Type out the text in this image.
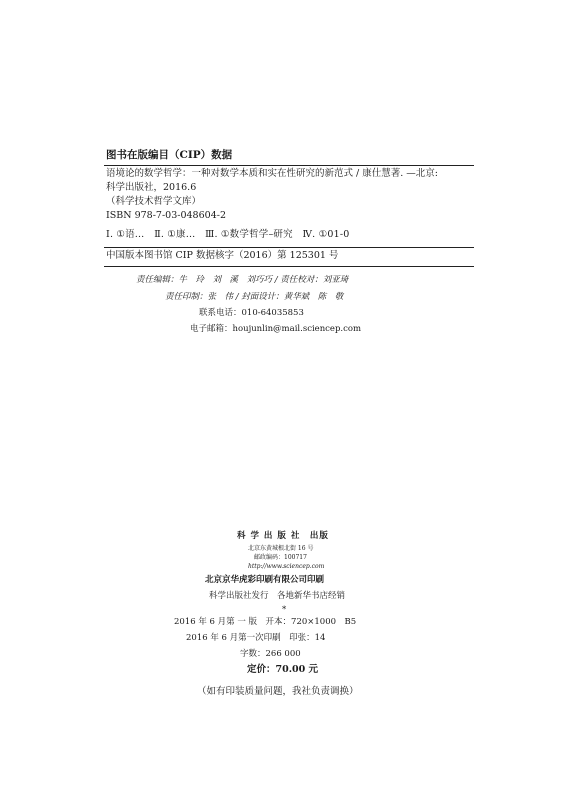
图书在版编目（CIP）数据
语境论的数学哲学：一种对数学本质和实在性研究的新范式 / 康仕慧著. —北京:
科学出版社，2016.6
（科学技术哲学文库）
ISBN 978-7-03-048604-2
Ⅰ. ①语…　Ⅱ. ①康…　Ⅲ. ①数学哲学–研究　Ⅳ. ①01-0
中国版本图书馆 CIP 数据核字（2016）第 125301 号
责任编辑：牛　玲　刘　溪　刘巧巧 / 责任校对：刘亚琦
责任印制：张　伟 / 封面设计：黄华斌　陈　敬
联系电话：010-64035853
电子邮箱：houjunlin@mail.sciencep.com
科 学 出 版 社　出版
北京东黄城根北街 16 号
邮政编码：100717
http://www.sciencep.com
北京京华虎彩印刷有限公司印刷
科学出版社发行　各地新华书店经销
*
2016 年 6 月第 一 版　开本：720×1000　B5
2016 年 6 月第一次印刷　印张：14
字数：266 000
定价：70.00 元
（如有印装质量问题，我社负责调换）
